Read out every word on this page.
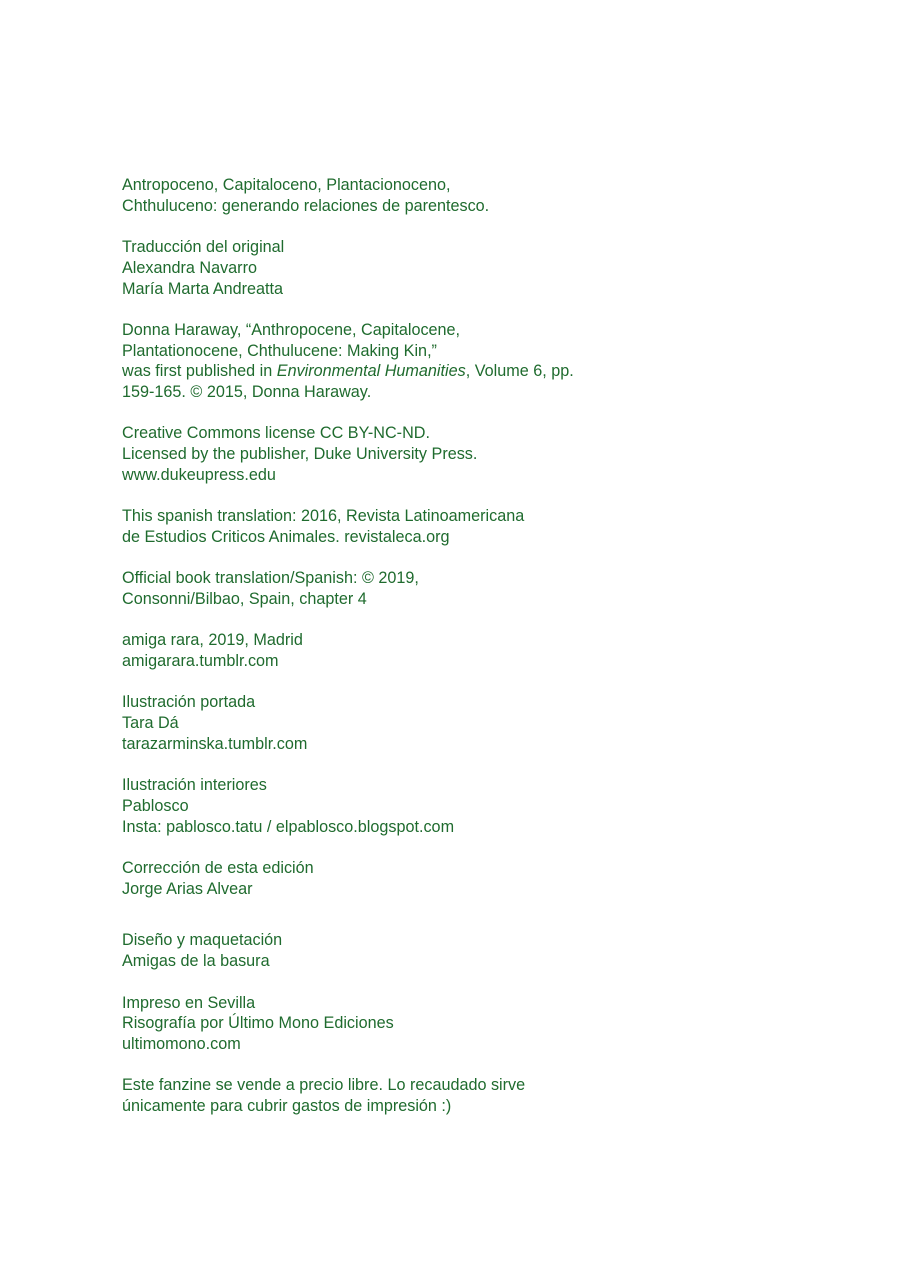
Antropoceno, Capitaloceno, Plantacionoceno,
Chthuluceno: generando relaciones de parentesco.
Traducción del original
Alexandra Navarro
María Marta Andreatta
Donna Haraway, “Anthropocene, Capitalocene,
Plantationocene, Chthulucene: Making Kin,”
was first published in Environmental Humanities, Volume 6, pp.
159-165. © 2015, Donna Haraway.
Creative Commons license CC BY-NC-ND.
Licensed by the publisher, Duke University Press.
www.dukeupress.edu
This spanish translation: 2016, Revista Latinoamericana
de Estudios Criticos Animales. revistaleca.org
Official book translation/Spanish: © 2019,
Consonni/Bilbao, Spain, chapter 4
amiga rara, 2019, Madrid
amigarara.tumblr.com
Ilustración portada
Tara Dá
tarazarminska.tumblr.com
Ilustración interiores
Pablosco
Insta: pablosco.tatu / elpablosco.blogspot.com
Corrección de esta edición
Jorge Arias Alvear
Diseño y maquetación
Amigas de la basura
Impreso en Sevilla
Risografía por Último Mono Ediciones
ultimomono.com
Este fanzine se vende a precio libre. Lo recaudado sirve
únicamente para cubrir gastos de impresión :)
